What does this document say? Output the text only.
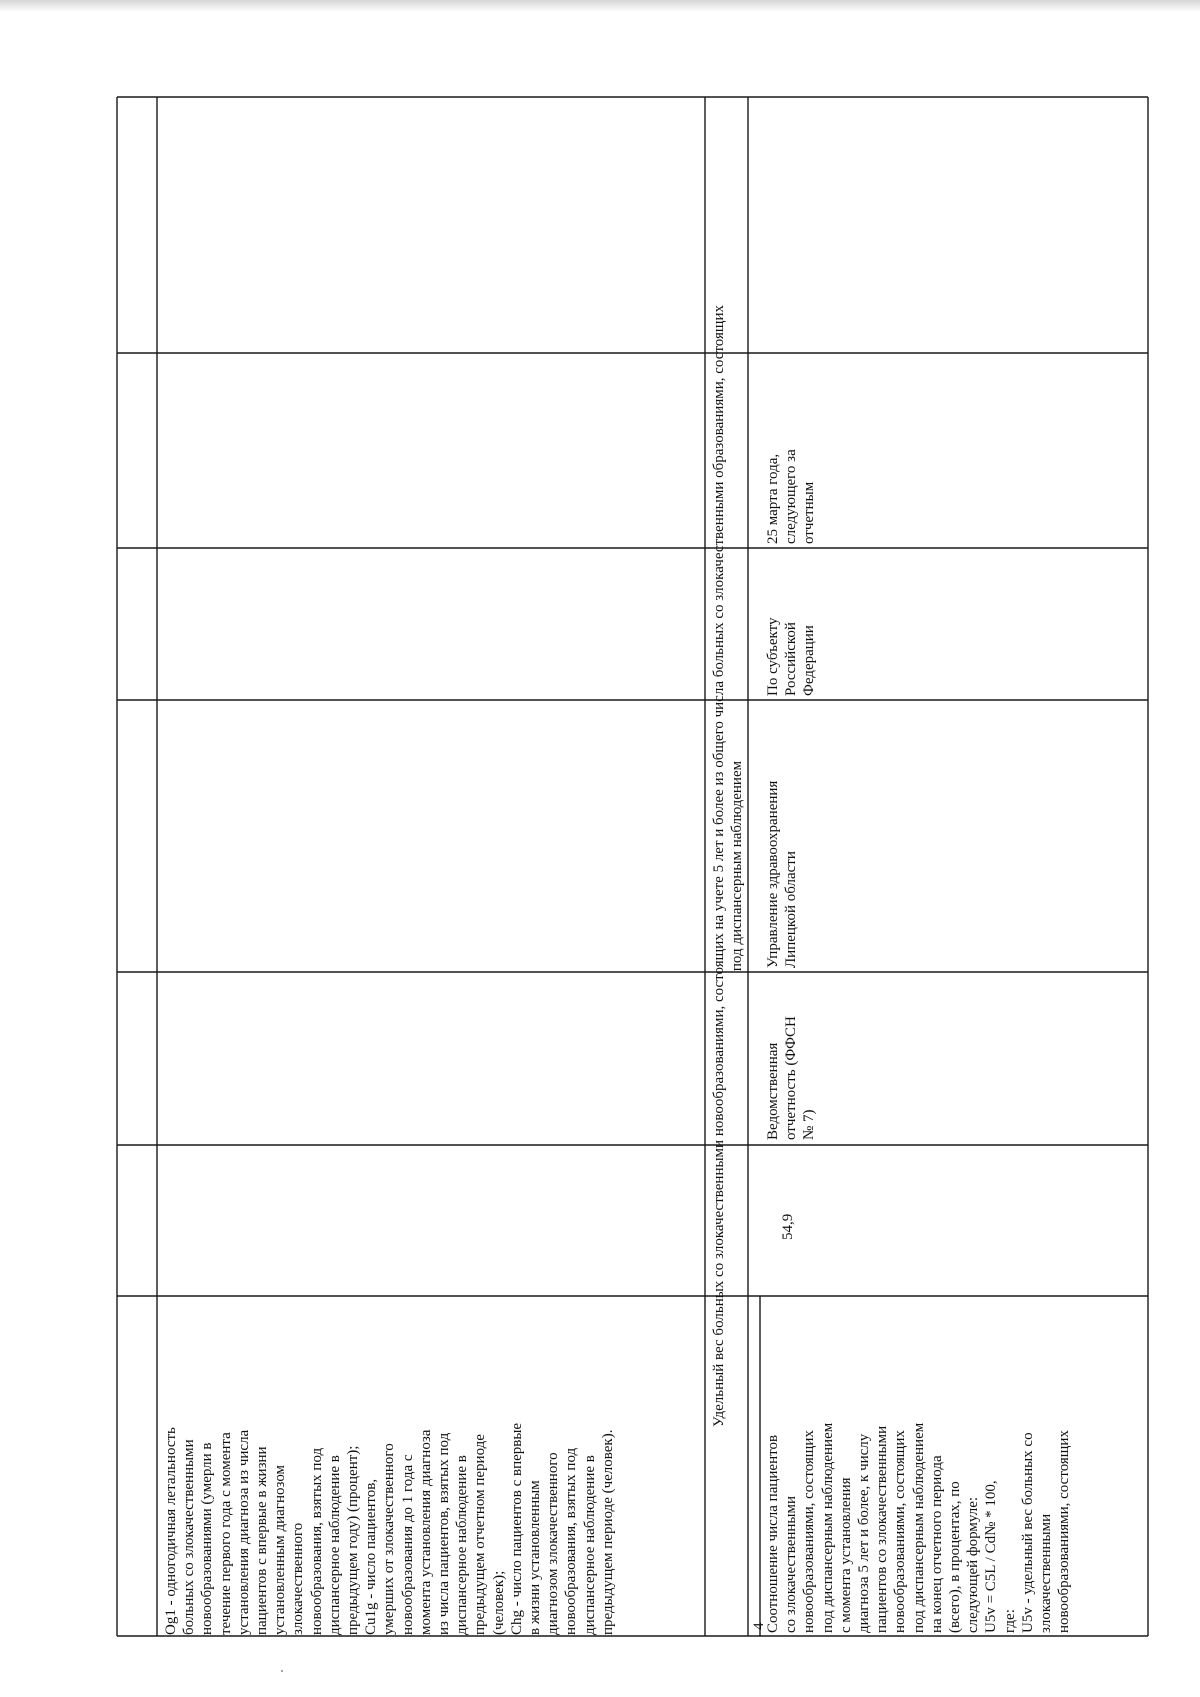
Og1 - одногодичная летальность больных со злокачественными новообразованиями (умерли в течение первого года с момента установления диагноза из числа пациентов с впервые в жизни установленным диагнозом злокачественного новообразования, взятых под диспансерное наблюдение в предыдущем году) (процент); Cu1g - число пациентов, умерших от злокачественного новообразования до 1 года с момента установления диагноза из числа пациентов, взятых под диспансерное наблюдение в предыдущем отчетном периоде (человек); Chg - число пациентов с впервые в жизни установленным диагнозом злокачественного новообразования, взятых под диспансерное наблюдение в предыдущем периоде (человек).
Удельный вес больных со злокачественными новообразованиями, состоящих на учете 5 лет и более из общего числа больных со злокачественными образованиями, состоящих под диспансерным наблюдением
4
Соотношение числа пациентов со злокачественными новообразованиями, состоящих под диспансерным наблюдением с момента установления диагноза 5 лет и более, к числу пациентов со злокачественными новообразованиями, состоящих под диспансерным наблюдением на конец отчетного периода (всего), в процентах, по следующей формуле: U5v = C5L / Cd№ * 100, где: U5v - удельный вес больных со злокачественными новообразованиями, состоящих
54,9
Ведомственная отчетность (ФФСН № 7)
Управление здравоохранения Липецкой области
По субъекту Российской Федерации
25 марта года, следующего за отчетным
